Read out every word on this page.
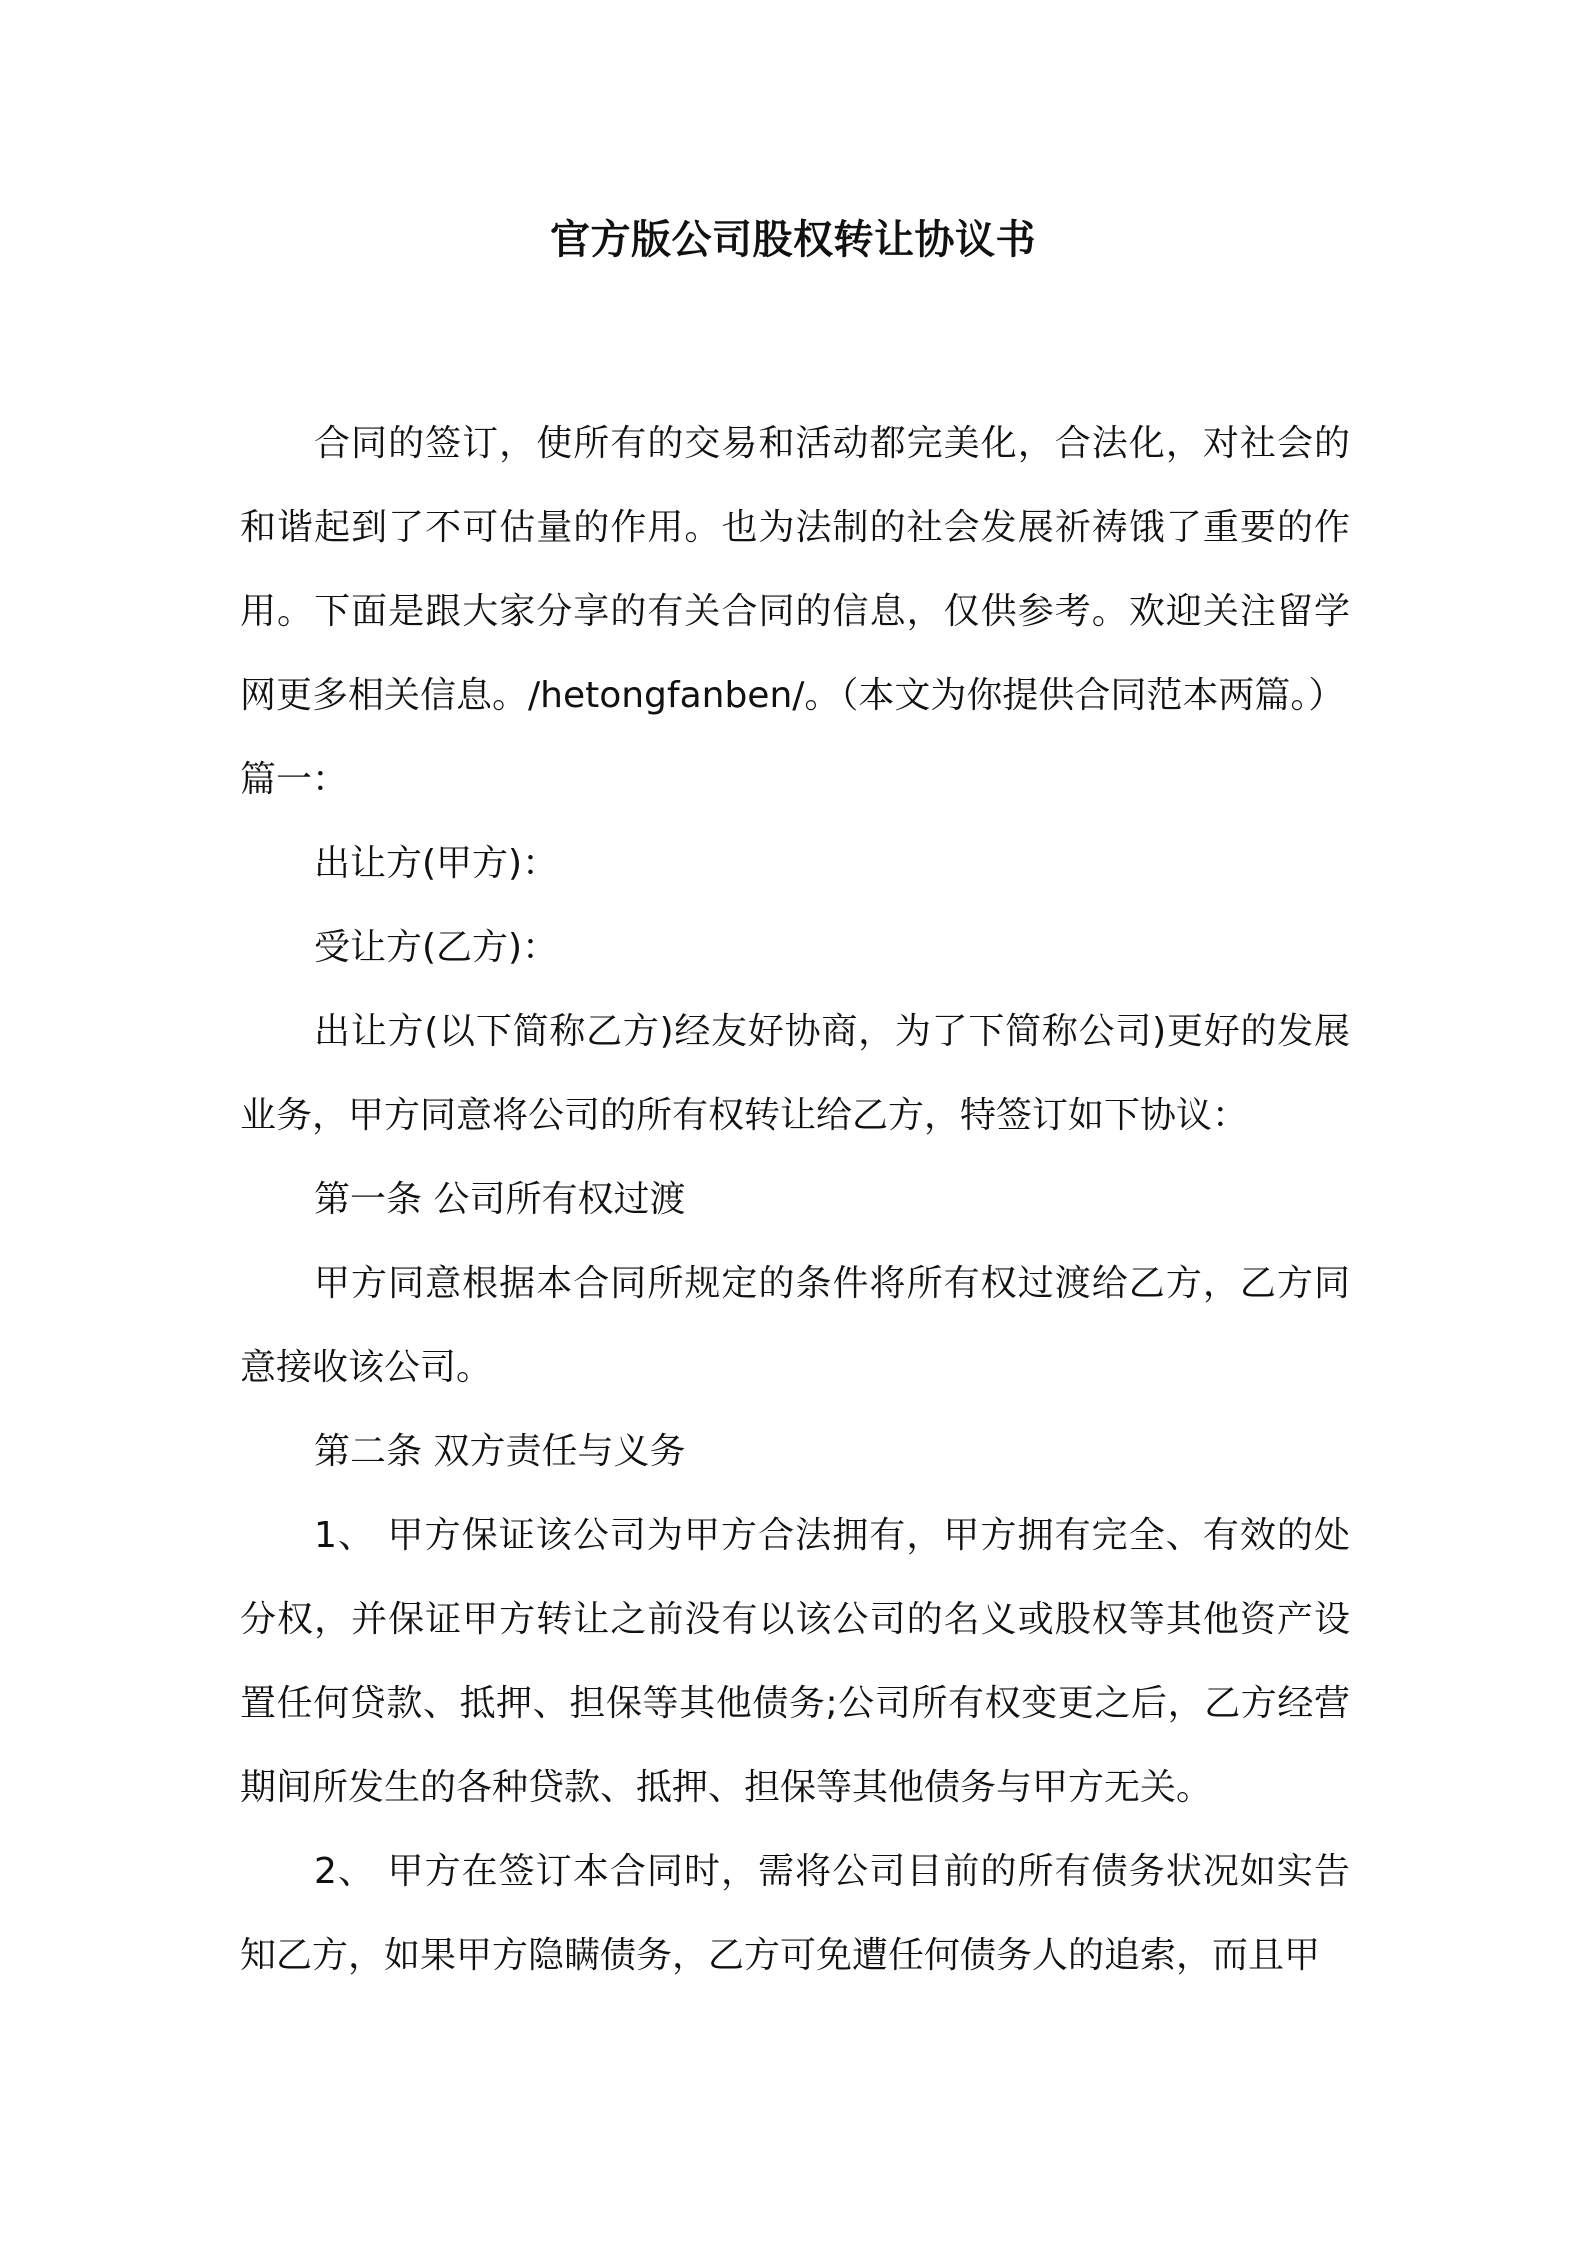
官方版公司股权转让协议书

合同的签订，使所有的交易和活动都完美化，合法化，对社会的和谐起到了不可估量的作用。也为法制的社会发展祈祷饿了重要的作用。下面是跟大家分享的有关合同的信息，仅供参考。欢迎关注留学网更多相关信息。/hetongfanben/。（本文为你提供合同范本两篇。）

篇一：

出让方(甲方)：

受让方(乙方)：

出让方(以下简称乙方)经友好协商，为了下简称公司)更好的发展业务，甲方同意将公司的所有权转让给乙方，特签订如下协议：

第一条 公司所有权过渡

甲方同意根据本合同所规定的条件将所有权过渡给乙方，乙方同意接收该公司。

第二条 双方责任与义务

1、 甲方保证该公司为甲方合法拥有，甲方拥有完全、有效的处分权，并保证甲方转让之前没有以该公司的名义或股权等其他资产设置任何贷款、抵押、担保等其他债务;公司所有权变更之后，乙方经营期间所发生的各种贷款、抵押、担保等其他债务与甲方无关。

2、 甲方在签订本合同时，需将公司目前的所有债务状况如实告知乙方，如果甲方隐瞒债务，乙方可免遭任何债务人的追索，而且甲
